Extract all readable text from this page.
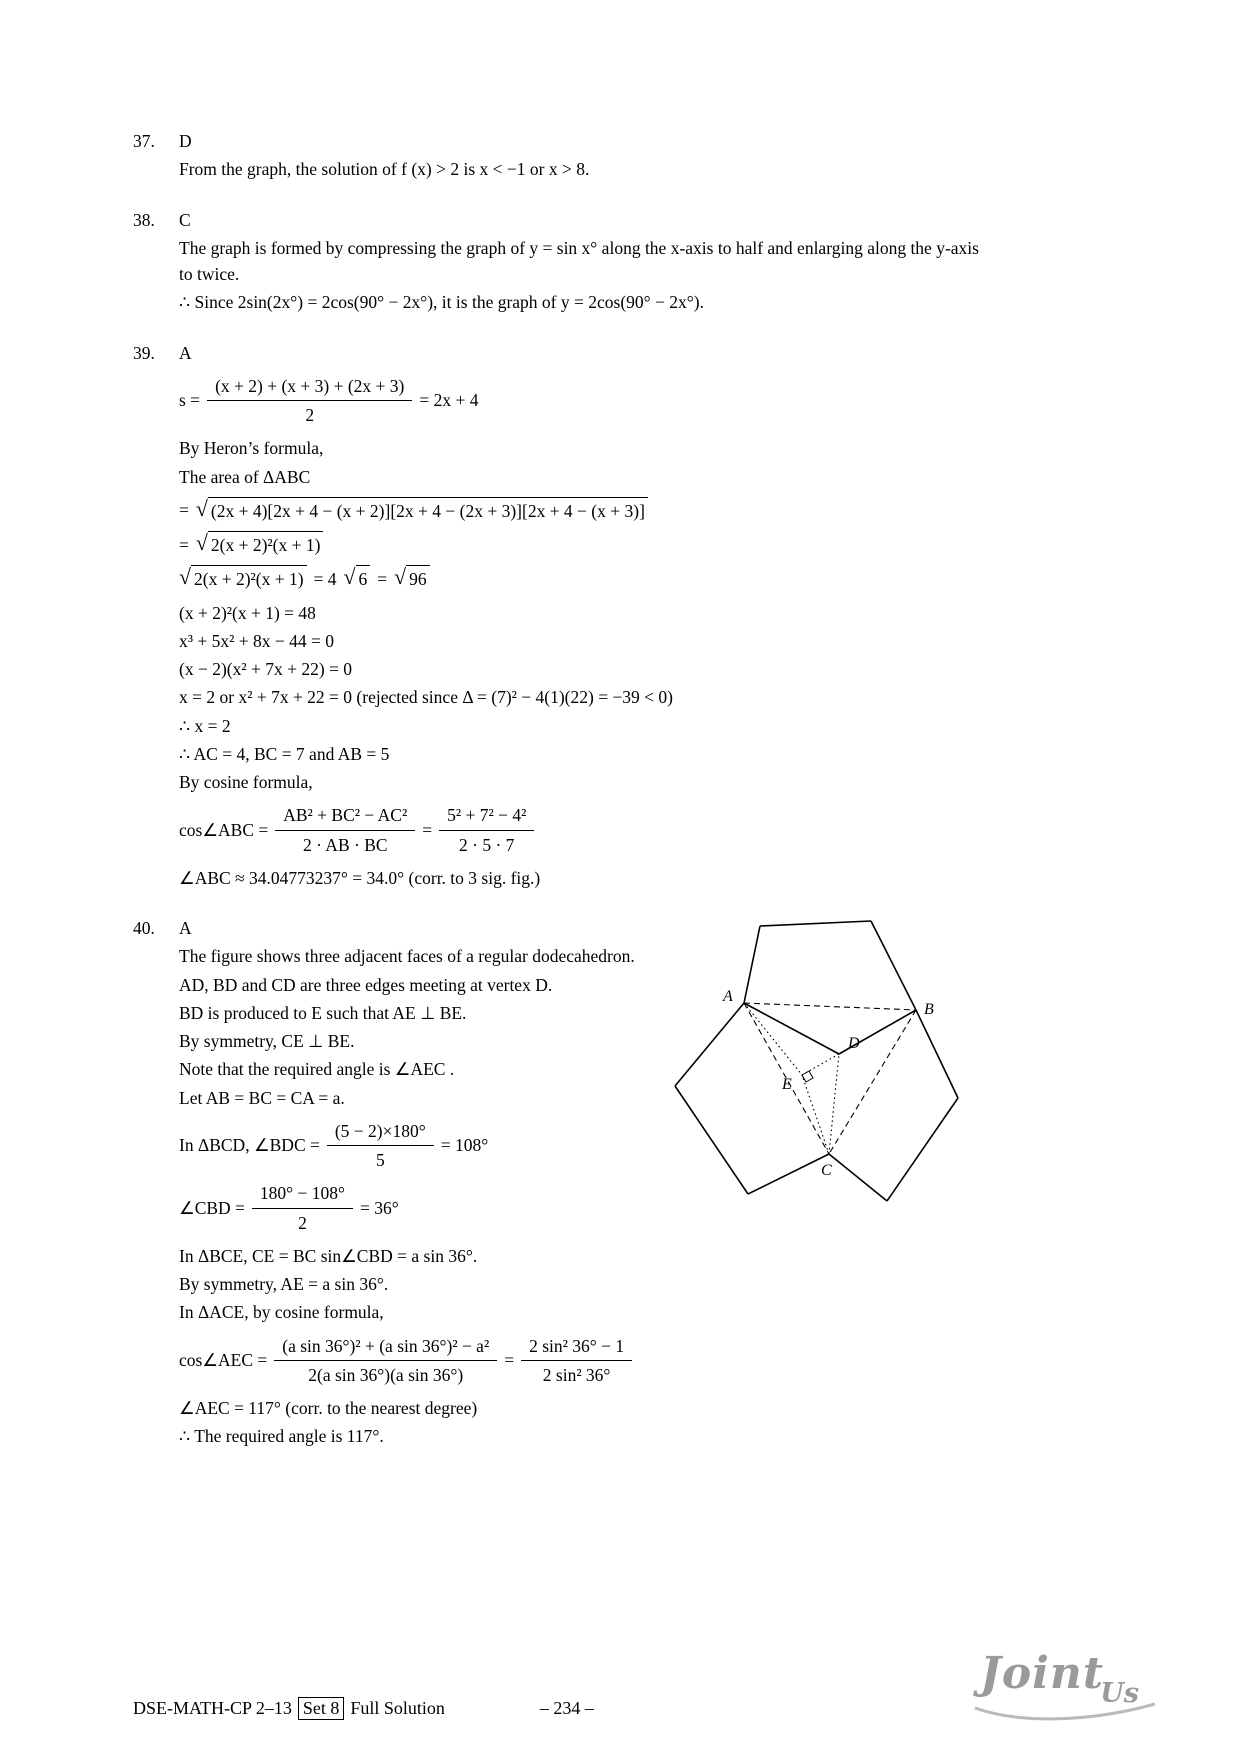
37.	D

From the graph, the solution of f (x) > 2 is x < −1 or x > 8.

38.	C

The graph is formed by compressing the graph of y = sin x° along the x-axis to half and enlarging along the y-axis to twice.

∴ Since 2sin(2x°) = 2cos(90° − 2x°), it is the graph of y = 2cos(90° − 2x°).

39.	A
$s = \frac{(x + 2) + (x + 3) + (2x + 3)}{2} = 2x + 4$

By Heron’s formula,

The area of ΔABC

= √ (2x + 4)[2x + 4 − (x + 2)][2x + 4 − (2x + 3)][2x + 4 − (x + 3)]
= √ 2(x + 2)²(x + 1)
√ 2(x + 2)²(x + 1) = 4 √ 6 = √ 96

(x + 2)²(x + 1) = 48

x³ + 5x² + 8x − 44 = 0

(x − 2)(x² + 7x + 22) = 0

x = 2 or x² + 7x + 22 = 0 (rejected since Δ = (7)² − 4(1)(22) = −39 < 0)

∴ x = 2

∴ AC = 4, BC = 7 and AB = 5

By cosine formula,

cos∠ABC = $\frac{\text{AB² + BC² − AC²}}{2 \cdot AB \cdot BC} = \frac{\text{5² + 7² − 4²}}{2 \cdot 5 \cdot 7}$

∠ABC ≈ 34.04773237° = 34.0° (corr. to 3 sig. fig.)

40.	A

The figure shows three adjacent faces of a regular dodecahedron.

AD, BD and CD are three edges meeting at vertex D.

BD is produced to E such that AE ⊥ BE.

By symmetry, CE ⊥ BE.

Note that the required angle is ∠AEC .

Let AB = BC = CA = a.

In ΔBCD, ∠BDC = $\frac{(5 - 2)\times 180^\circ}{5} = 108^\circ$
∠CBD = $\frac{180^\circ - 108^\circ}{2} = 36^\circ$

In ΔBCE, CE = BC sin∠CBD = a sin 36°.

By symmetry, AE = a sin 36°.

In ΔACE, by cosine formula,

cos∠AEC = $\frac{\text{(a sin 36°)² + (a sin 36°)² − a²}}{\text{2(a sin 36°)(a sin 36°)}} = \frac{\text{2 sin² 36° − 1}}{\text{2 sin² 36°}}$

∠AEC = 117° (corr. to the nearest degree)

∴ The required angle is 117°.

A
B
C
D
E
DSE-MATH-CP 2–13 Set 8 Full Solution	– 234 –
JointUs
